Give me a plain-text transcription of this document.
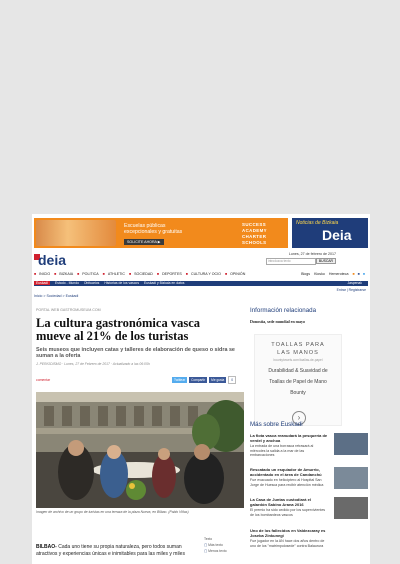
Escuelas públicas
excepcionales y gratuitas
SOLICITE AHORA ▶
SUCCESS
ACADEMY
CHARTER
SCHOOLS
Noticias de Bizkaia
Deia
deia	Lunes, 27 de febrero de 2017
introduzca texto	BUSCAR
■ INICIO ■ BIZKAIA ■ POLITICA ■ ATHLETIC ■ SOCIEDAD ■ DEPORTES ■ CULTURA Y OCIO ■ OPINIÓN	Blogs Kiosko Hemeroteca ■ ■ ■
Euskadi Estado - Mundo Obituarios Historias de los vascos Euskadi y Bizkaia en datos	Jaspenak
Entrar | Registrarse
Inicio > Sociedad > Euskadi
PORTAL WEB GASTROMUSEUM.COM
La cultura gastronómica vasca mueve al 21% de los turistas
Seis museos que incluyen catas y talleres de elaboración de queso o sidra se suman a la oferta
J. PERIODISMO · Lunes, 27 de Febrero de 2017 · Actualizado a las 06:05h
comentar	Twittear Compartir Me gusta 0
Imagen de archivo de un grupo de turistas en una terraza de la plaza Nueva, en Bilbao. (Pablo Viñas)
BILBAO- Cada uno tiene su propia naturaleza, pero todos suman atractivos y experiencias únicas e inimitables para las miles y miles
Texto
▢ Más texto
▢ Menos texto
Información relacionada
Donostia, sede mundial en mayo
TOALLAS PARA
LAS MANOS
bountytowels.com/toallas-de-papel
Durabilidad & Suavidad de
Toallas de Papel de Mano
Bounty
›
Más sobre Euskadi
La flota vasca reanudará la pesquería de verdel y anchoa
La entrada de una borrasca retrasará al miércoles la salida a la mar de las embarcaciones
Rescatado un esquiador de Amurrio, accidentado en el área de Candanchú
Fue evacuado en helicóptero al Hospital San Jorge de Huesca para recibir atención médica
La Casa de Juntas custodiará el galardón Sabino Arana 2016
El premio ha sido cedido por los supervivientes de los bombardeos vascos
Uno de los fallecidos en Valdezcaray es Joseba Zinkunegi
Fue jugador en la AN hace dos años dentro de uno de los "matrimpolosede" contra Balaurura
